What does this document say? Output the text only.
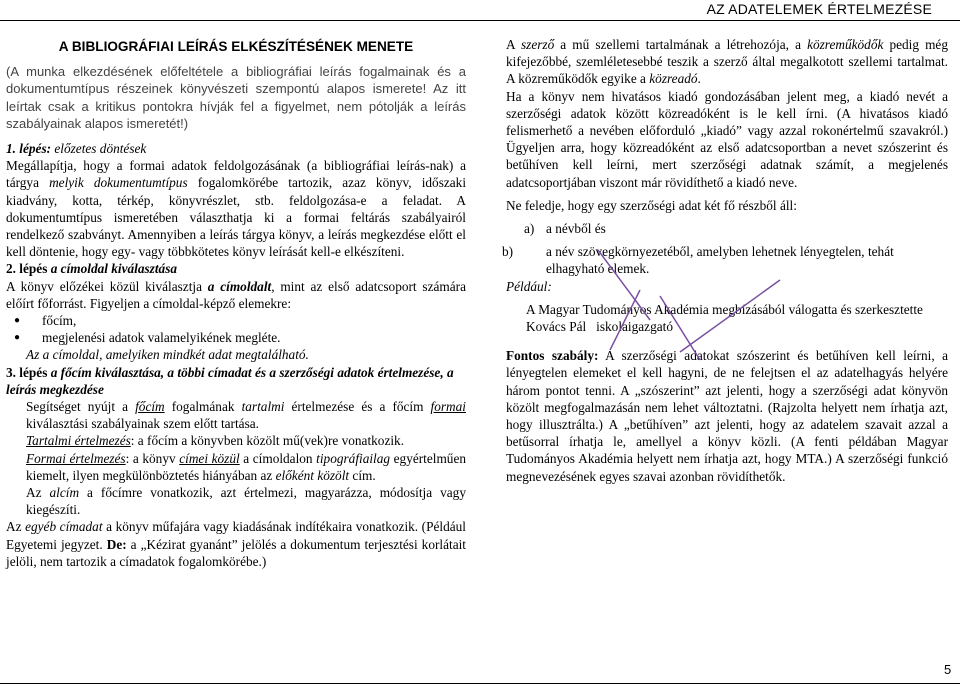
AZ ADATELEMEK ÉRTELMEZÉSE
A BIBLIOGRÁFIAI LEÍRÁS ELKÉSZÍTÉSÉNEK MENETE

(A munka elkezdésének előfeltétele a bibliográfiai leírás fogalmainak és a dokumentumtípus részeinek könyvészeti szempontú alapos ismerete! Az itt leírtak csak a kritikus pontokra hívják fel a figyelmet, nem pótolják a leírás szabályainak alapos ismeretét!)

1. lépés: előzetes döntések

Megállapítja, hogy a formai adatok feldolgozásának (a bibliográfiai leírás-nak) a tárgya melyik dokumentumtípus fogalomkörébe tartozik, azaz könyv, időszaki kiadvány, kotta, térkép, könyvrészlet, stb. feldolgozása-e a feladat. A dokumentumtípus ismeretében választhatja ki a formai feltárás szabályairól rendelkező szabványt. Amennyiben a leírás tárgya könyv, a leírás megkezdése előtt el kell döntenie, hogy egy- vagy többkötetes könyv leírását kell-e elkészíteni.

2. lépés a címoldal kiválasztása

A könyv előzékei közül kiválasztja a címoldalt, mint az első adatcsoport számára előírt főforrást. Figyeljen a címoldal-képző elemekre:

● főcím,

● megjelenési adatok valamelyikének megléte.

Az a címoldal, amelyiken mindkét adat megtalálható.

3. lépés a főcím kiválasztása, a többi címadat és a szerzőségi adatok értelmezése, a leírás megkezdése

Segítséget nyújt a főcím fogalmának tartalmi értelmezése és a főcím formai kiválasztási szabályainak szem előtt tartása.

Tartalmi értelmezés: a főcím a könyvben közölt mű(vek)re vonatkozik.

Formai értelmezés: a könyv címei közül a címoldalon tipográfiailag egyértelműen kiemelt, ilyen megkülönböztetés hiányában az előként közölt cím.

Az alcím a főcímre vonatkozik, azt értelmezi, magyarázza, módosítja vagy kiegészíti.

Az egyéb címadat a könyv műfajára vagy kiadásának indítékaira vonatkozik. (Például Egyetemi jegyzet. De: a „Kézirat gyanánt” jelölés a dokumentum terjesztési korlátait jelöli, nem tartozik a címadatok fogalomkörébe.)

A szerző a mű szellemi tartalmának a létrehozója, a közreműködők pedig még kifejezőbbé, szemléletesebbé teszik a szerző által megalkotott szellemi tartalmat. A közreműködők egyike a közreadó.

Ha a könyv nem hivatásos kiadó gondozásában jelent meg, a kiadó nevét a szerzőségi adatok között közreadóként is le kell írni. (A hivatásos kiadó felismerhető a nevében előforduló „kiadó” vagy azzal rokonértelmű szavakról.) Ügyeljen arra, hogy közreadóként az első adatcsoportban a nevet szószerint és betűhíven kell leírni, mert szerzőségi adatnak számít, a megjelenés adatcsoportjában viszont már rövidíthető a kiadó neve.

Ne feledje, hogy egy szerzőségi adat két fő részből áll:

a) a névből és

b) a név szövegkörnyezetéből, amelyben lehetnek lényegtelen, tehát elhagyható elemek.

Például:

A Magyar Tudományos Akadémia megbízásából válogatta és szerkesztette   Kovács Pál   iskolaigazgató

Fontos szabály: A szerzőségi adatokat szószerint és betűhíven kell leírni, a lényegtelen elemeket el kell hagyni, de ne felejtsen el az adatelhagyás helyére három pontot tenni. A „szószerint” azt jelenti, hogy a szerzőségi adat könyvön közölt megfogalmazásán nem lehet változtatni. (Rajzolta helyett nem írhatja azt, hogy illusztrálta.) A „betűhíven” azt jelenti, hogy az adatelem szavait azzal a betűsorral írhatja le, amellyel a könyv közli. (A fenti példában Magyar Tudományos Akadémia helyett nem írhatja azt, hogy MTA.) A szerzőségi funkció megnevezésének egyes szavai azonban rövidíthetők.

5
